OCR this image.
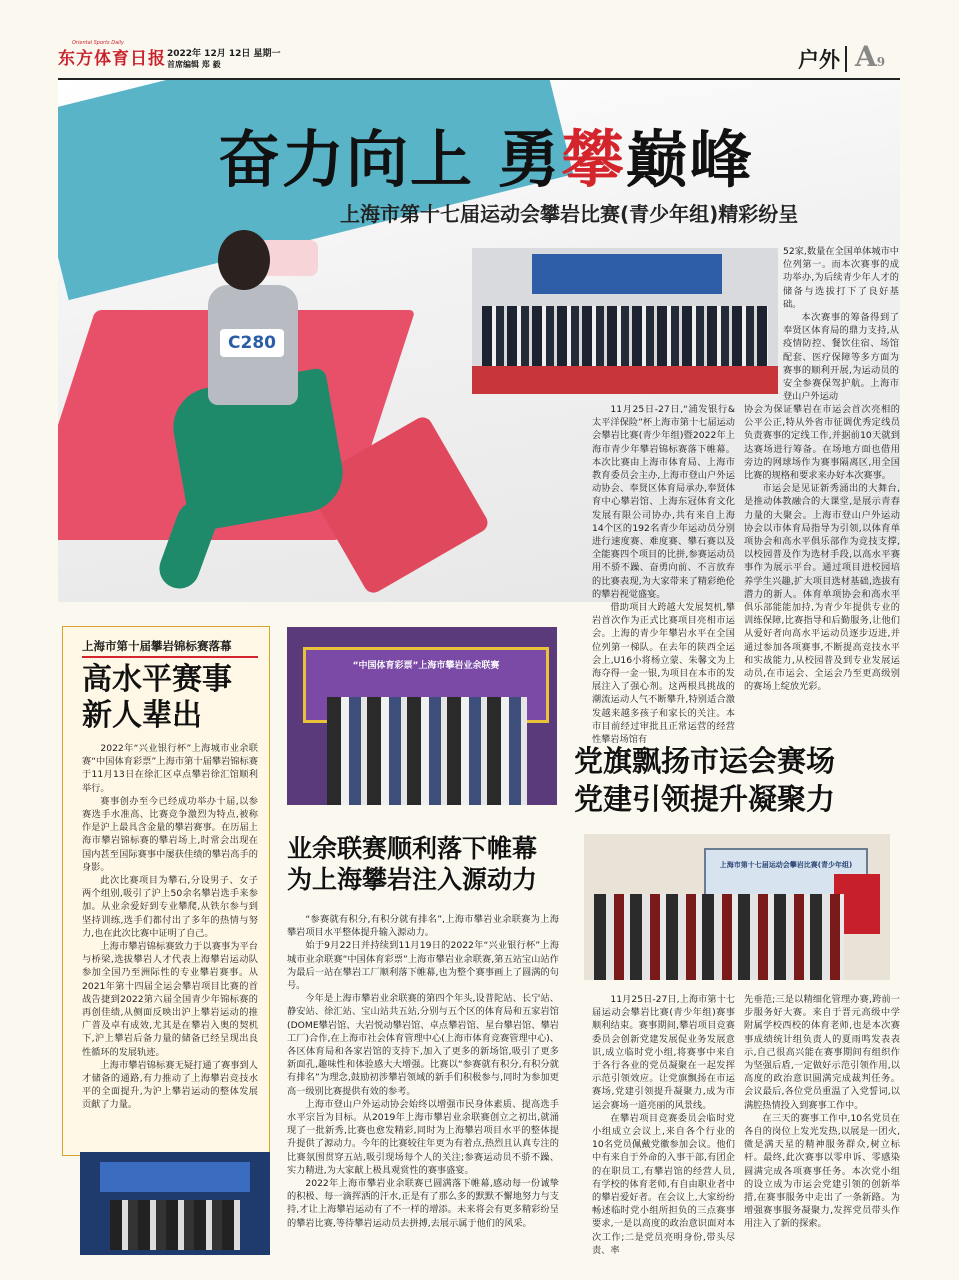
Oriental Sports Daily
东方体育日报 2022年 12月 12日 星期一
首席编辑 郑 毅	户外 A9
C280
奋力向上 勇攀巅峰
上海市第十七届运动会攀岩比赛(青少年组)精彩纷呈

52家,数量在全国单体城市中位列第一。而本次赛事的成功举办,为后续青少年人才的储备与选拔打下了良好基础。

本次赛事的筹备得到了奉贤区体育局的鼎力支持,从疫情防控、餐饮住宿、场馆配套、医疗保障等多方面为赛事的顺利开展,为运动员的安全参赛保驾护航。上海市登山户外运动

11月25日-27日,“浦发银行&太平洋保险”杯上海市第十七届运动会攀岩比赛(青少年组)暨2022年上海市青少年攀岩锦标赛落下帷幕。本次比赛由上海市体育局、上海市教育委员会主办,上海市登山户外运动协会、奉贤区体育局承办,奉贤体育中心攀岩馆、上海东冠体育文化发展有限公司协办,共有来自上海14个区的192名青少年运动员分别进行速度赛、难度赛、攀石赛以及全能赛四个项目的比拼,参赛运动员用不骄不躁、奋勇向前、不言放弃的比赛表现,为大家带来了精彩绝伦的攀岩视觉盛宴。

借助项目大跨越大发展契机,攀岩首次作为正式比赛项目亮相市运会。上海的青少年攀岩水平在全国位列第一梯队。在去年的陕西全运会上,U16小将杨立蒙、朱馨文为上海夺得一金一银,为项目在本市的发展注入了强心剂。这两根具挑战的潮流运动人气不断攀升,特别适合激发越来越多孩子和家长的关注。本市目前经过审批且正常运营的经营性攀岩场馆有

协会为保证攀岩在市运会首次亮相的公平公正,特从外省市征调优秀定线员负责赛事的定线工作,并据前10天就到达赛场进行筹备。在场地方面也借用旁边的网球场作为赛事隔离区,用全国比赛的规格和要求来办好本次赛事。

市运会是见证新秀涌出的大舞台,是推动体教融合的大课堂,是展示青春力量的大聚会。上海市登山户外运动协会以市体育局指导为引领,以体育单项协会和高水平俱乐部作为竞技支撑,以校园普及作为选材手段,以高水平赛事作为展示平台。通过项目进校园培养学生兴趣,扩大项目选材基础,选拔有潜力的新人。体育单项协会和高水平俱乐部能能加持,为青少年提供专业的训练保障,比赛指导和后勤服务,让他们从爱好者向高水平运动员逐步迈进,并通过参加各项赛事,不断提高竞技水平和实战能力,从校园普及到专业发展运动员,在市运会、全运会乃至更高级别的赛场上绽放光彩。

上海市第十届攀岩锦标赛落幕
高水平赛事
新人辈出

2022年“兴业银行杯”上海城市业余联赛“中国体育彩票”上海市第十届攀岩锦标赛于11月13日在徐汇区卓点攀岩徐汇馆顺利举行。

赛事创办至今已经成功举办十届,以参赛选手水准高、比赛竞争激烈为特点,被称作是沪上最具含金量的攀岩赛事。在历届上海市攀岩锦标赛的攀岩场上,时常会出现在国内甚至国际赛事中屡获佳绩的攀岩高手的身影。

此次比赛项目为攀石,分设男子、女子两个组别,吸引了沪上50余名攀岩选手来参加。从业余爱好到专业攀爬,从铁尔参与到坚持训练,选手们都付出了多年的热情与努力,也在此次比赛中证明了自己。

上海市攀岩锦标赛致力于以赛事为平台与桥梁,选拔攀岩人才代表上海攀岩运动队参加全国乃至洲际性的专业攀岩赛事。从2021年第十四届全运会攀岩项目比赛的首战告捷到2022第六届全国青少年锦标赛的再创佳绩,从侧面反映出沪上攀岩运动的推广普及卓有成效,尤其是在攀岩入奥的契机下,沪上攀岩后备力量的储备已经呈现出良性循环的发展轨迹。

上海市攀岩锦标赛无疑打通了赛事到人才储备的通路,有力推动了上海攀岩竞技水平的全面提升,为沪上攀岩运动的整体发展贡献了力量。

“中国体育彩票”上海市攀岩业余联赛
业余联赛顺利落下帷幕
为上海攀岩注入源动力

“参赛就有积分,有积分就有排名”,上海市攀岩业余联赛为上海攀岩项目水平整体提升输入源动力。

始于9月22日并持续到11月19日的2022年“兴业银行杯”上海城市业余联赛“中国体育彩票”上海市攀岩业余联赛,第五站宝山站作为最后一站在攀岩工厂顺利落下帷幕,也为整个赛事画上了圆满的句号。

今年是上海市攀岩业余联赛的第四个年头,设普陀站、长宁站、静安站、徐汇站、宝山站共五站,分别与五个区的体育局和五家岩馆(DOME攀岩馆、大岩悦动攀岩馆、卓点攀岩馆、星台攀岩馆、攀岩工厂)合作,在上海市社会体育管理中心(上海市体育竞赛管理中心)、各区体育局和各家岩馆的支持下,加入了更多的新场馆,吸引了更多新面孔,趣味性和体验感大大增强。比赛以“参赛就有积分,有积分就有排名”为理念,鼓励初涉攀岩领域的新手们积极参与,同时为参加更高一级别比赛提供有效的参考。

上海市登山户外运动协会始终以增强市民身体素质、提高选手水平宗旨为目标。从2019年上海市攀岩业余联赛创立之初出,就涌现了一批新秀,比赛也愈发精彩,同时为上海攀岩项目水平的整体提升提供了源动力。今年的比赛较往年更为有着点,热烈且认真专注的比赛氛围贯穿五站,吸引现场每个人的关注;参赛运动员不骄不躁、实力精进,为大家献上极具观赏性的赛事盛宴。

2022年上海市攀岩业余联赛已圆满落下帷幕,感动每一份诚挚的积极、每一滴挥洒的汗水,正是有了那么多的默默不懈地努力与支持,才让上海攀岩运动有了不一样的增添。未来将会有更多精彩纷呈的攀岩比赛,等待攀岩运动员去拼搏,去展示属于他们的风采。

党旗飘扬市运会赛场
党建引领提升凝聚力
上海市第十七届运动会攀岩比赛(青少年组)

11月25日-27日,上海市第十七届运动会攀岩比赛(青少年组)赛事顺利结束。赛事期间,攀岩项目竞赛委员会创新党建发展促业务发展意识,成立临时党小组,将赛事中来自于各行各业的党员凝聚在一起发挥示范引领效应。让党旗飘扬在市运赛场,党建引领提升凝聚力,成为市运会赛场一道亮丽的风景线。

在攀岩项目竞赛委员会临时党小组成立会议上,来自各个行业的10名党员佩戴党徽参加会议。他们中有来自于外命的入事干部,有团企的在职员工,有攀岩馆的经营人员,有学校的体育老师,有自由职业者中的攀岩爱好者。在会议上,大家纷纷畅述临时党小组所担负的三点赛事要求,一是以高度的政治意识面对本次工作;二是党员亮明身份,带头尽责、率

先垂范;三是以精细化管理办赛,跨前一步服务好大赛。来自于晋元高级中学附属学校西校的体育老师,也是本次赛事成绩统计组负责人的夏雨鸣发表表示,自己很高兴能在赛事期间有组织作为坚强后盾,一定做好示范引领作用,以高度的政治意识圆满完成裁判任务。会议最后,各位党员重温了入党誓词,以满腔热情投入到赛事工作中。

在三天的赛事工作中,10名党员在各自的岗位上发光发热,以展是一团火,微是满天星的精神服务群众,树立标杆。最终,此次赛事以零申诉、零感染圆满完成各项赛事任务。本次党小组的设立成为市运会党建引领的创新举措,在赛事服务中走出了一条新路。为增强赛事服务凝聚力,发挥党员带头作用注入了新的探索。
